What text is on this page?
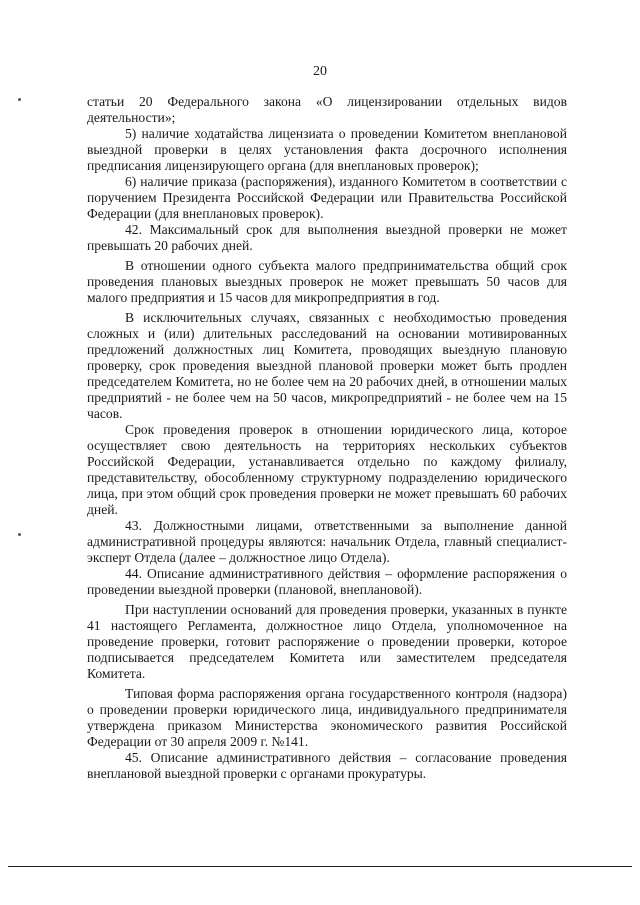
20

статьи 20 Федерального закона «О лицензировании отдельных видов деятельности»;

5) наличие ходатайства лицензиата о проведении Комитетом внеплановой выездной проверки в целях установления факта досрочного исполнения предписания лицензирующего органа (для внеплановых проверок);

6) наличие приказа (распоряжения), изданного Комитетом в соответствии с поручением Президента Российской Федерации или Правительства Российской Федерации (для внеплановых проверок).

42. Максимальный срок для выполнения выездной проверки не может превышать 20 рабочих дней.

В отношении одного субъекта малого предпринимательства общий срок проведения плановых выездных проверок не может превышать 50 часов для малого предприятия и 15 часов для микропредприятия в год.

В исключительных случаях, связанных с необходимостью проведения сложных и (или) длительных расследований на основании мотивированных предложений должностных лиц Комитета, проводящих выездную плановую проверку, срок проведения выездной плановой проверки может быть продлен председателем Комитета, но не более чем на 20 рабочих дней, в отношении малых предприятий - не более чем на 50 часов, микропредприятий - не более чем на 15 часов.

Срок проведения проверок в отношении юридического лица, которое осуществляет свою деятельность на территориях нескольких субъектов Российской Федерации, устанавливается отдельно по каждому филиалу, представительству, обособленному структурному подразделению юридического лица, при этом общий срок проведения проверки не может превышать 60 рабочих дней.

43. Должностными лицами, ответственными за выполнение данной административной процедуры являются: начальник Отдела, главный специалист-эксперт Отдела (далее – должностное лицо Отдела).

44. Описание административного действия – оформление распоряжения о проведении выездной проверки (плановой, внеплановой).

При наступлении оснований для проведения проверки, указанных в пункте 41 настоящего Регламента, должностное лицо Отдела, уполномоченное на проведение проверки, готовит распоряжение о проведении проверки, которое подписывается председателем Комитета или заместителем председателя Комитета.

Типовая форма распоряжения органа государственного контроля (надзора) о проведении проверки юридического лица, индивидуального предпринимателя утверждена приказом Министерства экономического развития Российской Федерации от 30 апреля 2009 г. №141.

45. Описание административного действия – согласование проведения внеплановой выездной проверки с органами прокуратуры.
